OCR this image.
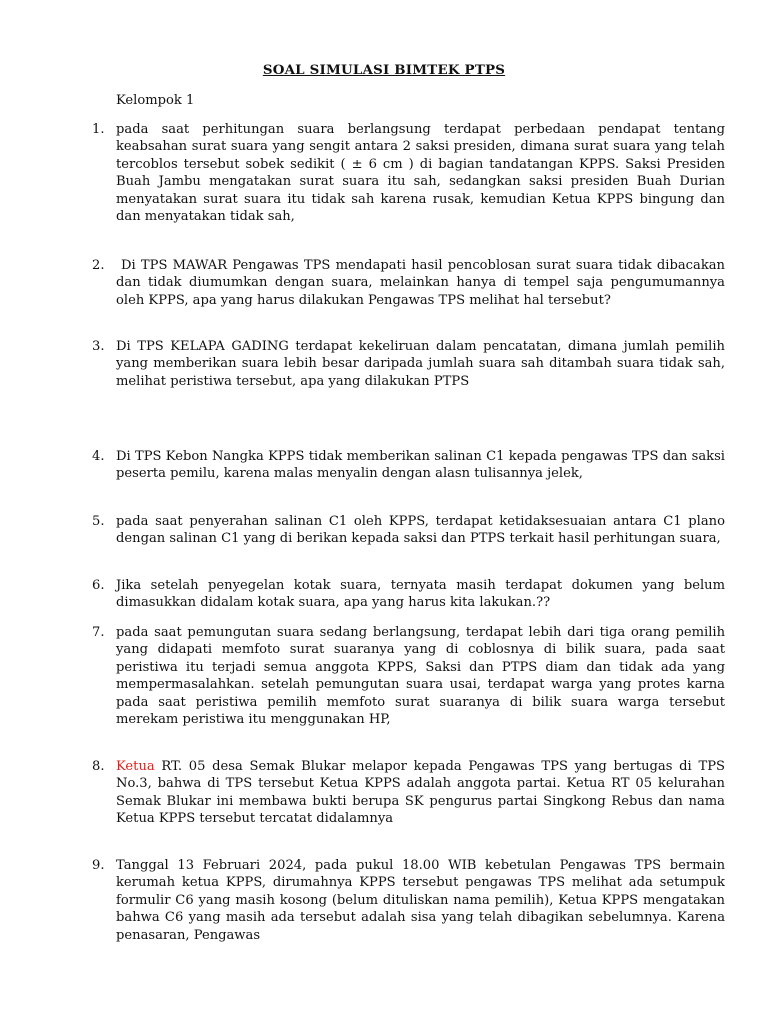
SOAL SIMULASI BIMTEK PTPS
Kelompok 1
1. pada saat perhitungan suara berlangsung terdapat perbedaan pendapat tentang keabsahan surat suara yang sengit antara 2 saksi presiden, dimana surat suara yang telah tercoblos tersebut sobek sedikit ( ± 6 cm ) di bagian tandatangan KPPS. Saksi Presiden Buah Jambu mengatakan surat suara itu sah, sedangkan saksi presiden Buah Durian menyatakan surat suara itu tidak sah karena rusak, kemudian Ketua KPPS bingung dan dan menyatakan tidak sah,
2.	Di TPS MAWAR Pengawas TPS mendapati hasil pencoblosan surat suara tidak dibacakan dan tidak diumumkan dengan suara, melainkan hanya di tempel saja pengumumannya oleh KPPS, apa yang harus dilakukan Pengawas TPS melihat hal tersebut?
3. Di TPS KELAPA GADING terdapat kekeliruan dalam pencatatan, dimana jumlah pemilih yang memberikan suara lebih besar daripada jumlah suara sah ditambah suara tidak sah, melihat peristiwa tersebut, apa yang dilakukan PTPS
4. Di TPS Kebon Nangka KPPS tidak memberikan salinan C1 kepada pengawas TPS dan saksi peserta pemilu, karena malas menyalin dengan alasn tulisannya jelek,
5. pada saat penyerahan salinan C1 oleh KPPS, terdapat ketidaksesuaian antara C1 plano dengan salinan C1 yang di berikan kepada saksi dan PTPS terkait hasil perhitungan suara,
6. Jika setelah penyegelan kotak suara, ternyata masih terdapat dokumen yang belum dimasukkan didalam kotak suara, apa yang harus kita lakukan.??
7. pada saat pemungutan suara sedang berlangsung, terdapat lebih dari tiga orang pemilih yang didapati memfoto surat suaranya yang di coblosnya di bilik suara, pada saat peristiwa itu terjadi semua anggota KPPS, Saksi dan PTPS diam dan tidak ada yang mempermasalahkan. setelah pemungutan suara usai, terdapat warga yang protes karna pada saat peristiwa pemilih memfoto surat suaranya di bilik suara warga tersebut merekam peristiwa itu menggunakan HP,
8. Ketua RT. 05 desa Semak Blukar melapor kepada Pengawas TPS yang bertugas di TPS No.3, bahwa di TPS tersebut Ketua KPPS adalah anggota partai. Ketua RT 05 kelurahan Semak Blukar ini membawa bukti berupa SK pengurus partai Singkong Rebus dan nama Ketua KPPS tersebut tercatat didalamnya
9. Tanggal 13 Februari 2024, pada pukul 18.00 WIB kebetulan Pengawas TPS bermain kerumah ketua KPPS, dirumahnya KPPS tersebut pengawas TPS melihat ada setumpuk formulir C6 yang masih kosong (belum dituliskan nama pemilih), Ketua KPPS mengatakan bahwa C6 yang masih ada tersebut adalah sisa yang telah dibagikan sebelumnya. Karena penasaran, Pengawas
